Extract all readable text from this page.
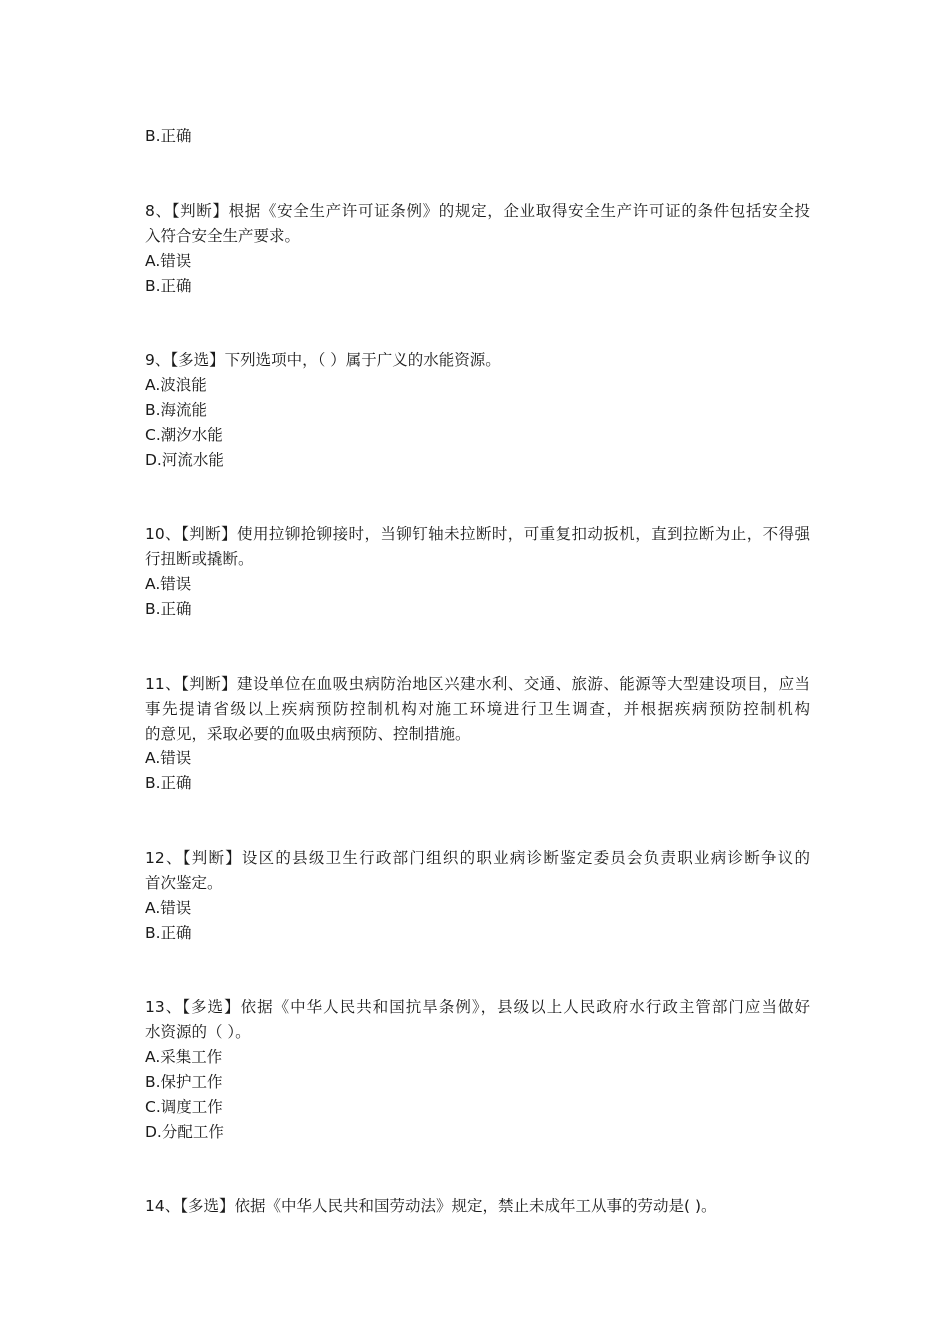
B.正确
8、【判断】根据《安全生产许可证条例》的规定，企业取得安全生产许可证的条件包括安全投
入符合安全生产要求。
A.错误
B.正确
9、【多选】下列选项中，（ ）属于广义的水能资源。
A.波浪能
B.海流能
C.潮汐水能
D.河流水能
10、【判断】使用拉铆抢铆接时，当铆钉轴未拉断时，可重复扣动扳机，直到拉断为止，不得强
行扭断或撬断。
A.错误
B.正确
11、【判断】建设单位在血吸虫病防治地区兴建水利、交通、旅游、能源等大型建设项目，应当
事先提请省级以上疾病预防控制机构对施工环境进行卫生调查，并根据疾病预防控制机构
的意见，采取必要的血吸虫病预防、控制措施。
A.错误
B.正确
12、【判断】设区的县级卫生行政部门组织的职业病诊断鉴定委员会负责职业病诊断争议的
首次鉴定。
A.错误
B.正确
13、【多选】依据《中华人民共和国抗旱条例》，县级以上人民政府水行政主管部门应当做好
水资源的（ ）。
A.采集工作
B.保护工作
C.调度工作
D.分配工作
14、【多选】依据《中华人民共和国劳动法》规定，禁止未成年工从事的劳动是( )。
